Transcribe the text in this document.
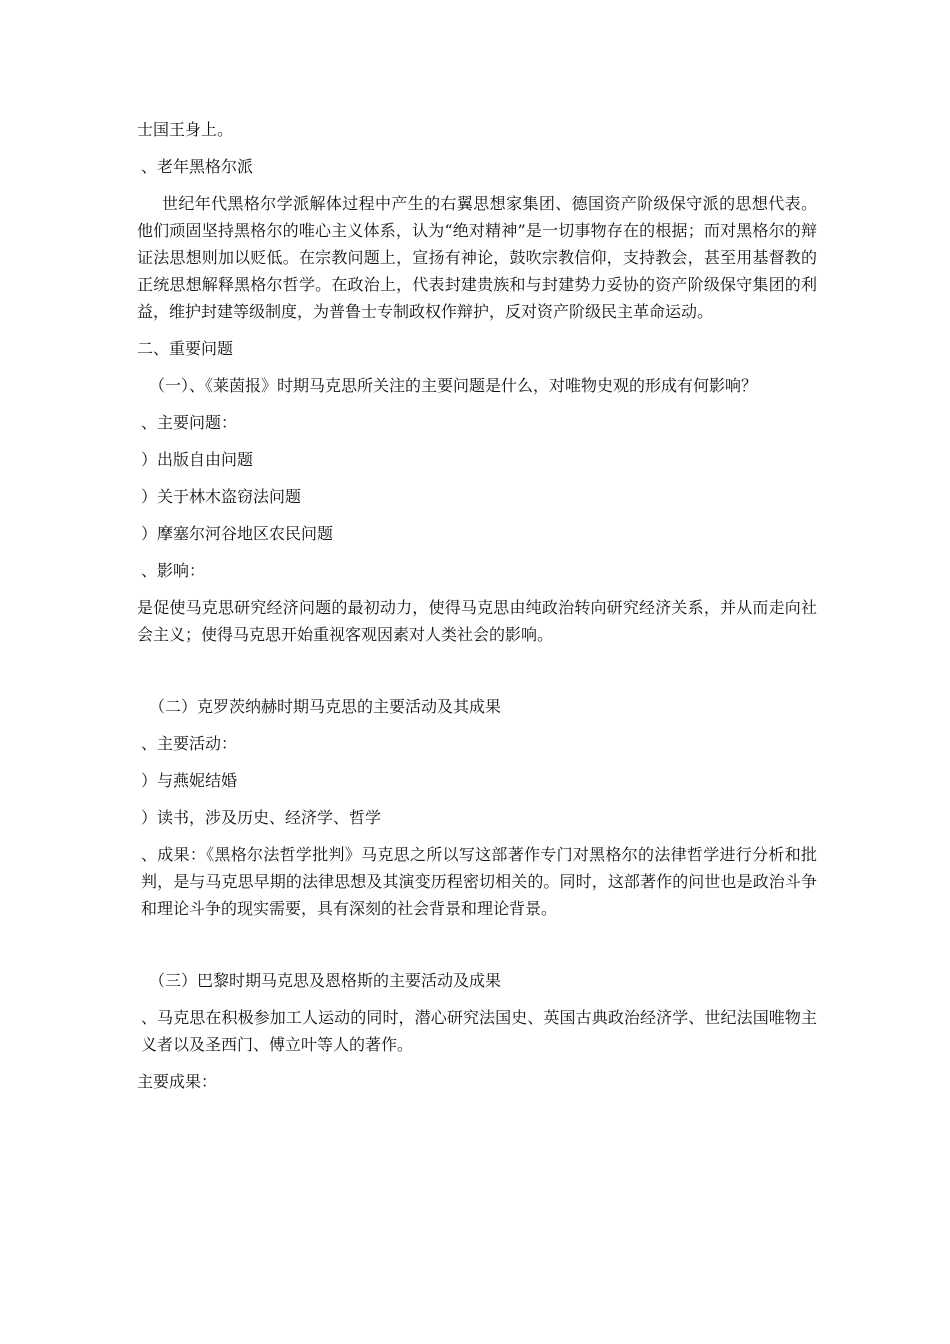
士国王身上。

、老年黑格尔派

世纪年代黑格尔学派解体过程中产生的右翼思想家集团、德国资产阶级保守派的思想代表。他们顽固坚持黑格尔的唯心主义体系，认为“绝对精神”是一切事物存在的根据；而对黑格尔的辩证法思想则加以贬低。在宗教问题上，宣扬有神论，鼓吹宗教信仰，支持教会，甚至用基督教的正统思想解释黑格尔哲学。在政治上，代表封建贵族和与封建势力妥协的资产阶级保守集团的利益，维护封建等级制度，为普鲁士专制政权作辩护，反对资产阶级民主革命运动。

二、重要问题

（一）、《莱茵报》时期马克思所关注的主要问题是什么，对唯物史观的形成有何影响？

、主要问题：

）出版自由问题

）关于林木盗窃法问题

）摩塞尔河谷地区农民问题

、影响：

是促使马克思研究经济问题的最初动力，使得马克思由纯政治转向研究经济关系，并从而走向社会主义；使得马克思开始重视客观因素对人类社会的影响。

（二）克罗茨纳赫时期马克思的主要活动及其成果

、主要活动：

）与燕妮结婚

）读书，涉及历史、经济学、哲学

、成果：《黑格尔法哲学批判》马克思之所以写这部著作专门对黑格尔的法律哲学进行分析和批判，是与马克思早期的法律思想及其演变历程密切相关的。同时，这部著作的问世也是政治斗争和理论斗争的现实需要，具有深刻的社会背景和理论背景。

（三）巴黎时期马克思及恩格斯的主要活动及成果

、马克思在积极参加工人运动的同时，潜心研究法国史、英国古典政治经济学、世纪法国唯物主义者以及圣西门、傅立叶等人的著作。

主要成果：
